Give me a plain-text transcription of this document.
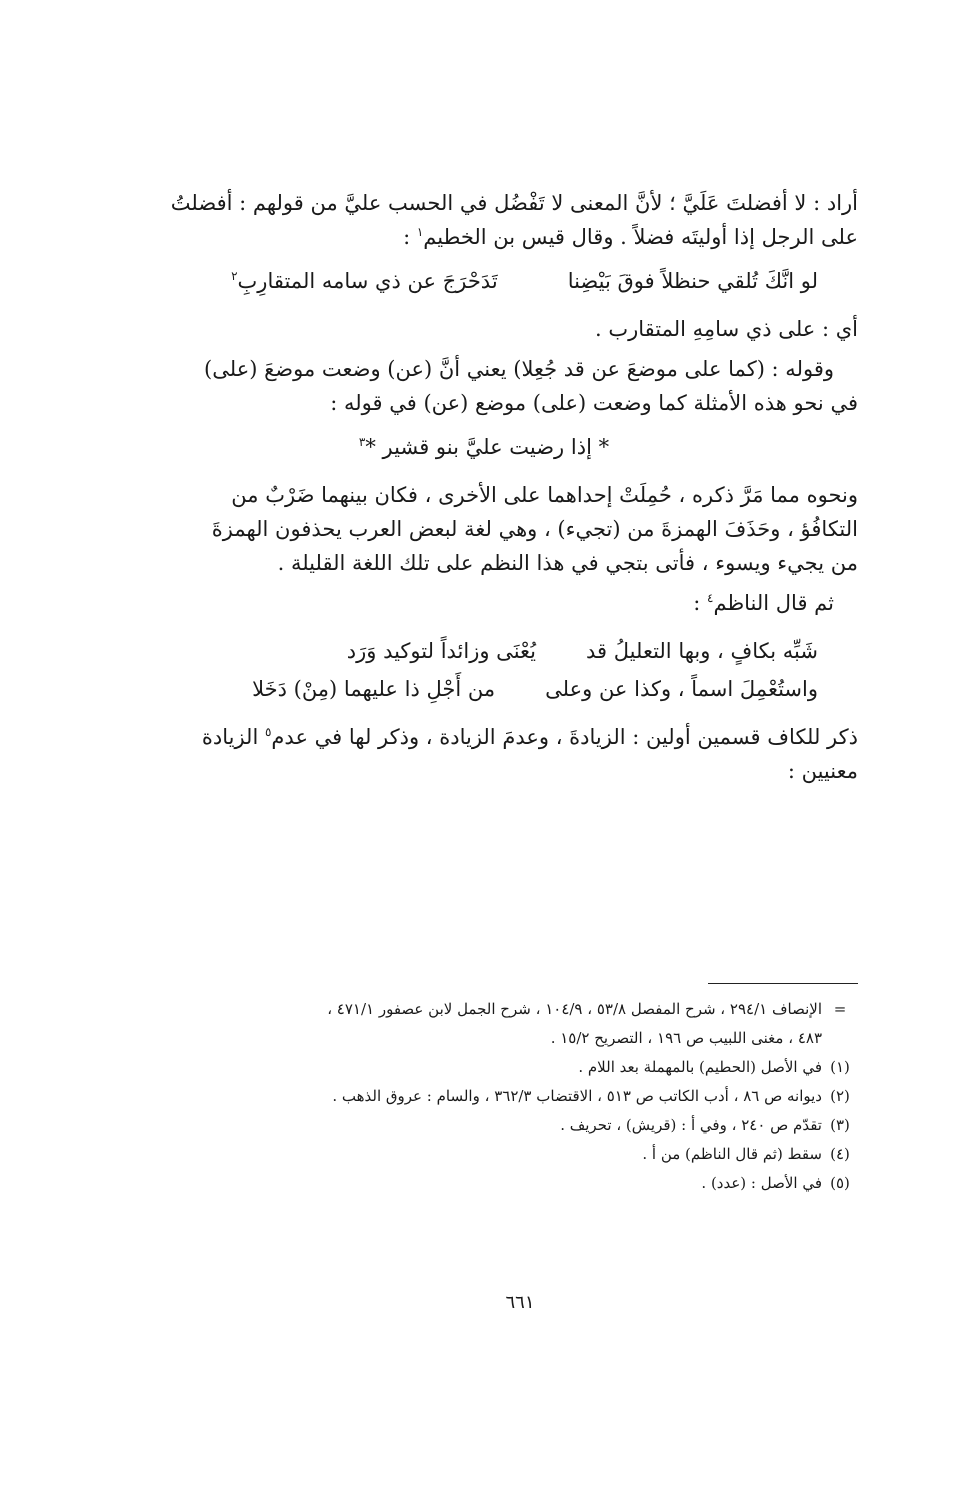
أراد : لا أفضلتَ عَلَيَّ ؛ لأنَّ المعنى لا تَفْضُل في الحسب عليَّ من قولهم : أفضلتُ
على الرجل إذا أوليتَه فضلاً . وقال قيس بن الخطيم$^١$ :

لو انَّكَ تُلقي حنظلاً فوقَ بَيْضِنا
تَدَحْرَجَ عن ذي سامه المتقارِبِ$^٢$

أي : على ذي سامِهِ المتقارب .

وقوله : (كما على موضعَ عن قد جُعِلا) يعني أنَّ (عن) وضعت موضعَ (على)
في نحو هذه الأمثلة كما وضعت (على) موضع (عن) في قوله :

* إذا رضيت عليَّ بنو قشير *$^٣$

ونحوه مما مَرَّ ذكره ، حُمِلَتْ إحداهما على الأخرى ، فكان بينهما ضَرْبٌ من
التكافُؤ ، وحَذَفَ الهمزةَ من (تجيء) ، وهي لغة لبعض العرب يحذفون الهمزةَ
من يجيء ويسوء ، فأتى بتجي في هذا النظم على تلك اللغة القليلة .

ثم قال الناظم$^٤$ :

شَبِّه بكافٍ ، وبها التعليلُ قد
يُعْنَى وزائداً لتوكيد وَرَد
واستُعْمِلَ اسماً ، وكذا عن وعلى
من أَجْلِ ذا عليهما (مِنْ) دَخَلا

ذكر للكاف قسمين أولين : الزيادةَ ، وعدمَ الزيادة ، وذكر لها في عدم$^٥$ الزيادة
معنيين :

=
الإنصاف ٢٩٤/١ ، شرح المفصل ٥٣/٨ ، ١٠٤/٩ ، شرح الجمل لابن عصفور ٤٧١/١ ،
٤٨٣ ، مغنى اللبيب ص ١٩٦ ، التصريح ١٥/٢ .
(١)
في الأصل (الحطيم) بالمهملة بعد اللام .
(٢)
ديوانه ص ٨٦ ، أدب الكاتب ص ٥١٣ ، الاقتضاب ٣٦٢/٣ ، والسام : عروق الذهب .
(٣)
تقدّم ص ٢٤٠ ، وفي أ : (قريش) ، تحريف .
(٤)
سقط (ثم قال الناظم) من أ .
(٥)
في الأصل : (عدد) .
٦٦١
